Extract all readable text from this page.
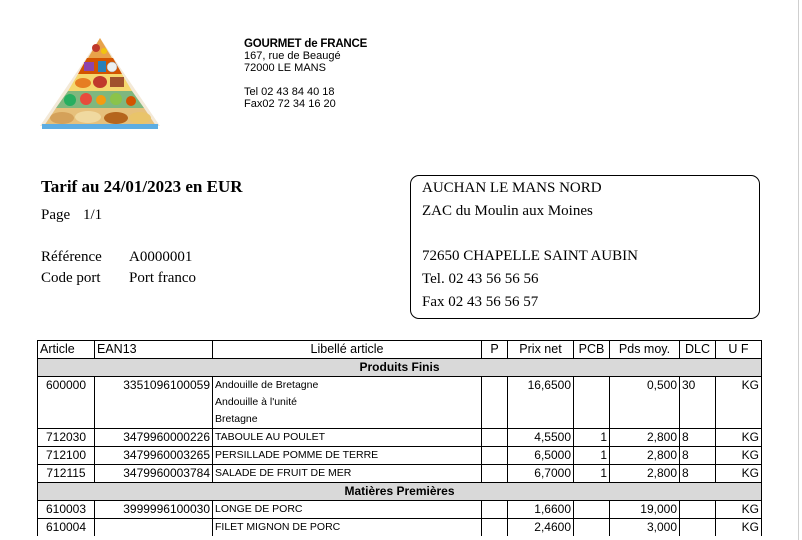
GOURMET de FRANCE
167, rue de Beaugé
72000 LE MANS
Tel 02 43 84 40 18
Fax02 72 34 16 20
Tarif au 24/01/2023 en EUR
Page 1/1
Référence A0000001
Code port Port franco
AUCHAN LE MANS NORD
ZAC du Moulin aux Moines
72650 CHAPELLE SAINT AUBIN
Tel. 02 43 56 56 56
Fax 02 43 56 56 57
Article	EAN13	Libellé article	P	Prix net	PCB	Pds moy.	DLC	U F
Produits Finis								
600000	3351096100059	Andouille de Bretagne		16,6500		0,500	30	KG
		Andouille à l'unité						
		Bretagne						
712030	3479960000226	TABOULE AU POULET		4,5500	1	2,800	8	KG
712100	3479960003265	PERSILLADE POMME DE TERRE		6,5000	1	2,800	8	KG
712115	3479960003784	SALADE DE FRUIT DE MER		6,7000	1	2,800	8	KG
Matières Premières								
610003	3999996100030	LONGE DE PORC		1,6600		19,000		KG
610004		FILET MIGNON DE PORC		2,4600		3,000		KG
